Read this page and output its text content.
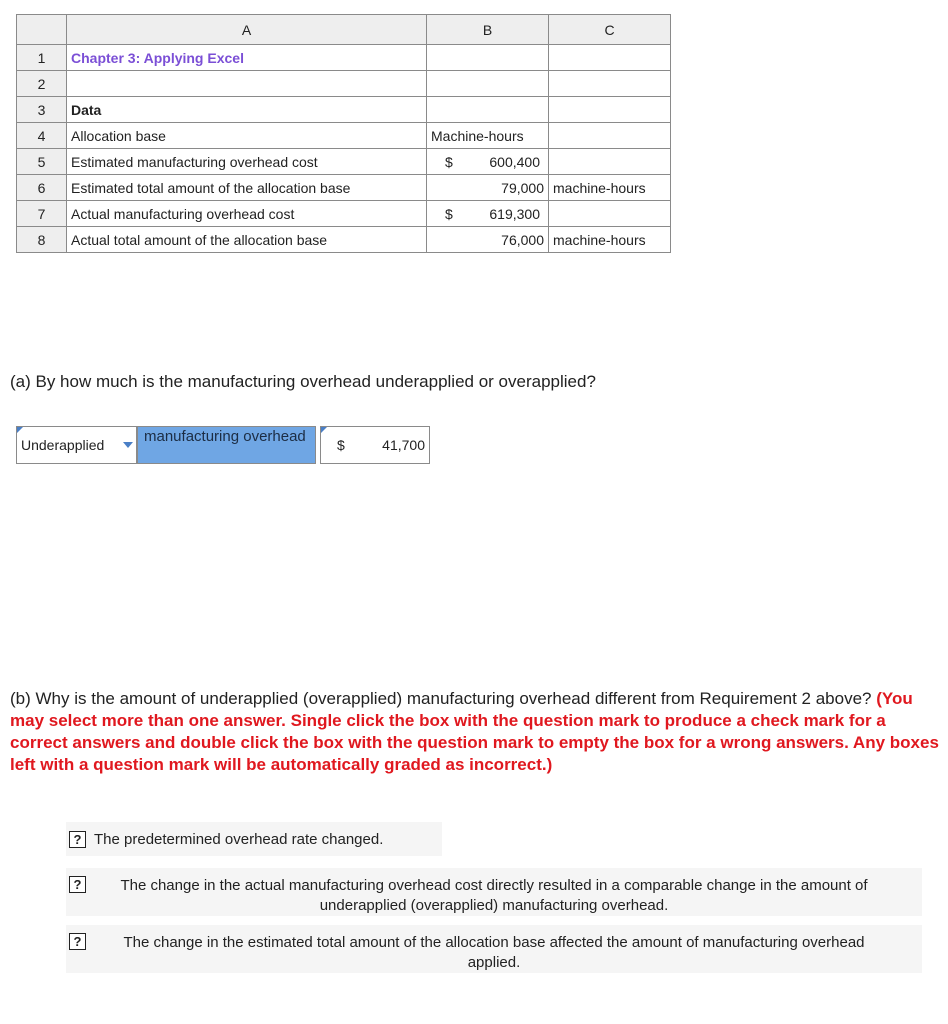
	A	B	C
1	Chapter 3: Applying Excel		
2			
3	Data		
4	Allocation base	Machine-hours	
5	Estimated manufacturing overhead cost	$ 600,400	

6	Estimated total amount of the allocation base	79,000	machine-hours
7	Actual manufacturing overhead cost	$ 619,300	

8	Actual total amount of the allocation base	76,000	machine-hours
(a) By how much is the manufacturing overhead underapplied or overapplied?
Underapplied	manufacturing overhead	$	41,700
(b) Why is the amount of underapplied (overapplied) manufacturing overhead different from Requirement 2 above? (You may select more than one answer. Single click the box with the question mark to produce a check mark for a correct answers and double click the box with the question mark to empty the box for a wrong answers. Any boxes left with a question mark will be automatically graded as incorrect.)
? The predetermined overhead rate changed.
?	The change in the actual manufacturing overhead cost directly resulted in a comparable change in the amount of underapplied (overapplied) manufacturing overhead.
?	The change in the estimated total amount of the allocation base affected the amount of manufacturing overhead applied.
